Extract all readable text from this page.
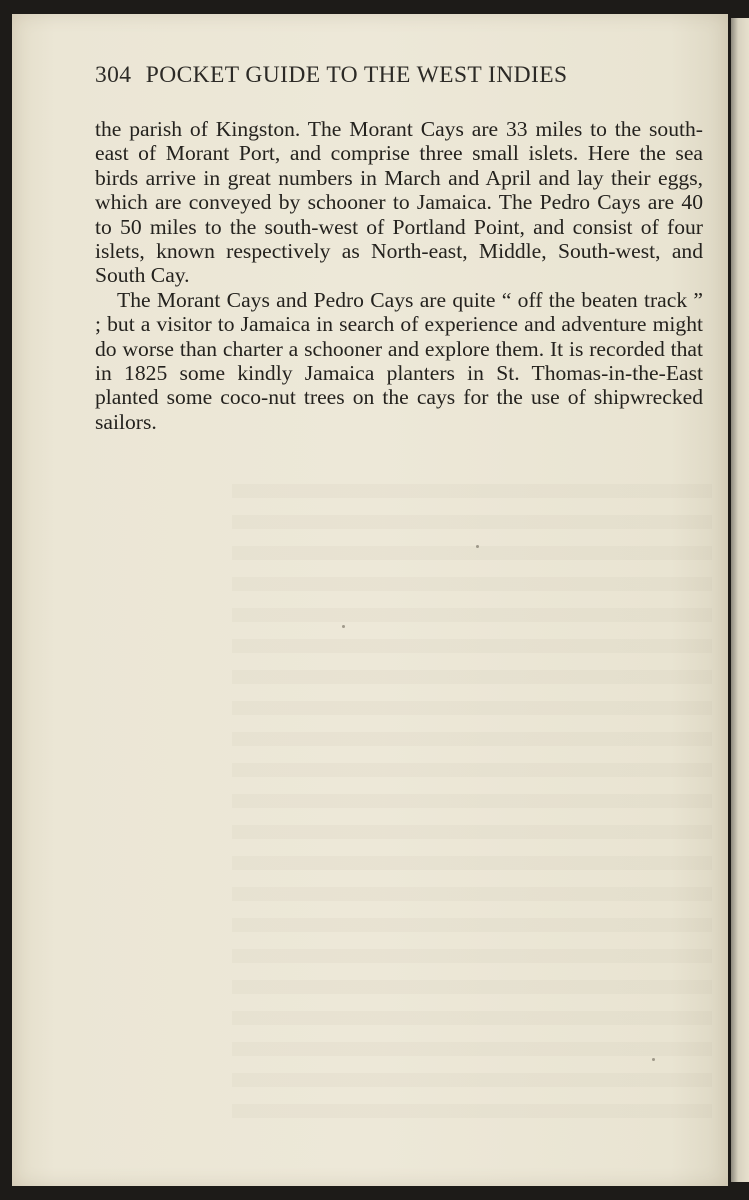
304 POCKET GUIDE TO THE WEST INDIES

the parish of Kingston. The Morant Cays are 33 miles to the south-east of Morant Port, and comprise three small islets. Here the sea birds arrive in great numbers in March and April and lay their eggs, which are conveyed by schooner to Jamaica. The Pedro Cays are 40 to 50 miles to the south-west of Portland Point, and consist of four islets, known respectively as North-east, Middle, South-west, and South Cay.

The Morant Cays and Pedro Cays are quite “ off the beaten track ” ; but a visitor to Jamaica in search of experience and adventure might do worse than charter a schooner and explore them. It is recorded that in 1825 some kindly Jamaica planters in St. Thomas-in-the-East planted some coco-nut trees on the cays for the use of shipwrecked sailors.
